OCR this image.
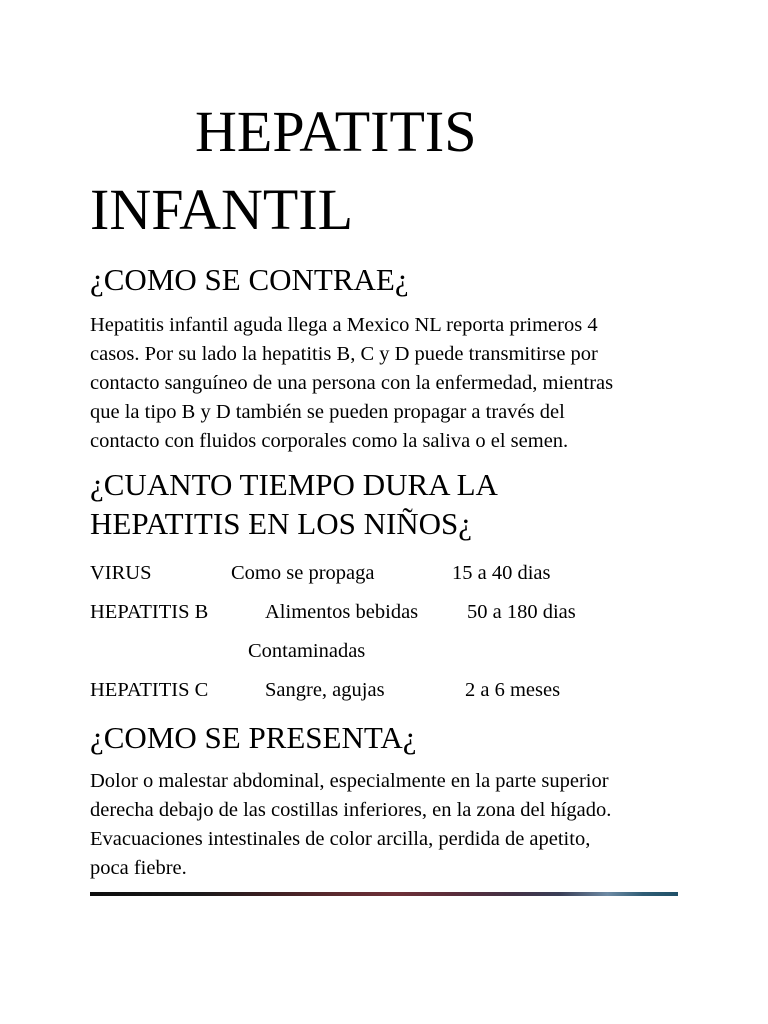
HEPATITIS
INFANTIL
¿COMO SE CONTRAE¿
Hepatitis infantil aguda llega a Mexico NL reporta primeros 4
casos. Por su lado la hepatitis B, C y D puede transmitirse por
contacto sanguíneo de una persona con la enfermedad, mientras
que la tipo B y D también se pueden propagar a través del
contacto con fluidos corporales como la saliva o el semen.
¿CUANTO TIEMPO DURA LA
HEPATITIS EN LOS NIÑOS¿
VIRUS	Como se propaga	15 a 40 dias
HEPATITIS B	Alimentos bebidas 50 a 180 dias
Contaminadas
HEPATITIS C	Sangre, agujas	2 a 6 meses
¿COMO SE PRESENTA¿
Dolor o malestar abdominal, especialmente en la parte superior
derecha debajo de las costillas inferiores, en la zona del hígado.
Evacuaciones intestinales de color arcilla, perdida de apetito,
poca fiebre.
